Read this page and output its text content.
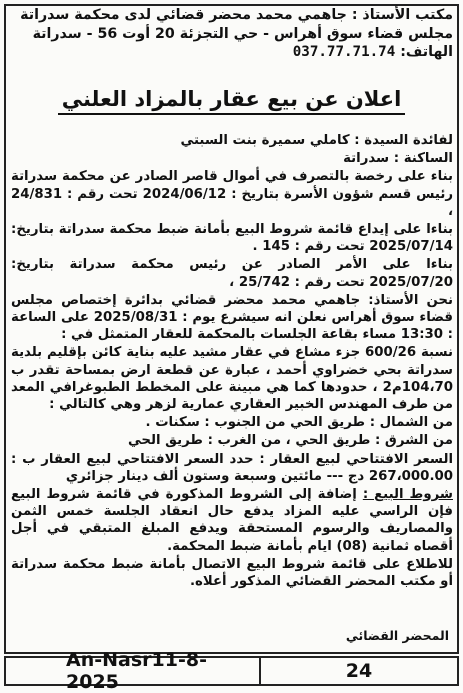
مكتب الأستاذ : جاهمي محمد محضر قضائي لدى محكمة سدراتة
مجلس قضاء سوق أهراس - حي التجزئة 20 أوت 56 - سدراتة
الهاتف: 037.77.71.74
اعلان عن بيع عقار بالمزاد العلني

لفائدة السيدة : كاملي سميرة بنت السبتي

الساكنة : سدراتة

بناء على رخصة بالتصرف في أموال قاصر الصادر عن محكمة سدراتة رئيس قسم شؤون الأسرة بتاريخ : 2024/06/12 تحت رقم : 24/831 ،

بناءا على إيداع قائمة شروط البيع بأمانة ضبط محكمة سدراتة بتاريخ: 2025/07/14 تحت رقم : 145 .

بناءا على الأمر الصادر عن رئيس محكمة سدراتة بتاريخ: 2025/07/20 تحت رقم : 25/742 ،

نحن الأستاذ: جاهمي محمد محضر قضائي بدائرة إختصاص مجلس قضاء سوق أهراس نعلن انه سيشرع يوم : 2025/08/31 على الساعة : 13:30 مساء بقاعة الجلسات بالمحكمة للعقار المتمثل في :

نسبة 600/26 جزء مشاع في عقار مشيد عليه بناية كائن بإقليم بلدية سدراتة بحي خضراوي أحمد ، عبارة عن قطعة ارض بمساحة تقدر ب 104،70م2 ، حدودها كما هي مبينة على المخطط الطبوغرافي المعد من طرف المهندس الخبير العقاري عمارية لزهر وهي كالتالي :

من الشمال : طريق الحي من الجنوب : سكنات .

من الشرق : طريق الحي ، من الغرب : طريق الحي

السعر الافتتاحي لبيع العقار : حدد السعر الافتتاحي لبيع العقار ب : 267،000.00 دج --- مائتين وسبعة وستون ألف دينار جزائري

شروط البيع : إضافة إلى الشروط المذكورة في قائمة شروط البيع فإن الراسي عليه المزاد يدفع حال انعقاد الجلسة خمس الثمن والمصاريف والرسوم المستحقة ويدفع المبلغ المتبقي في أجل أقصاه ثمانية (08) ايام بأمانة ضبط المحكمة.

للاطلاع على قائمة شروط البيع الاتصال بأمانة ضبط محكمة سدراتة أو مكتب المحضر القضائي المذكور أعلاه.

المحضر القضائي
An-Nasr11-8-2025	24
